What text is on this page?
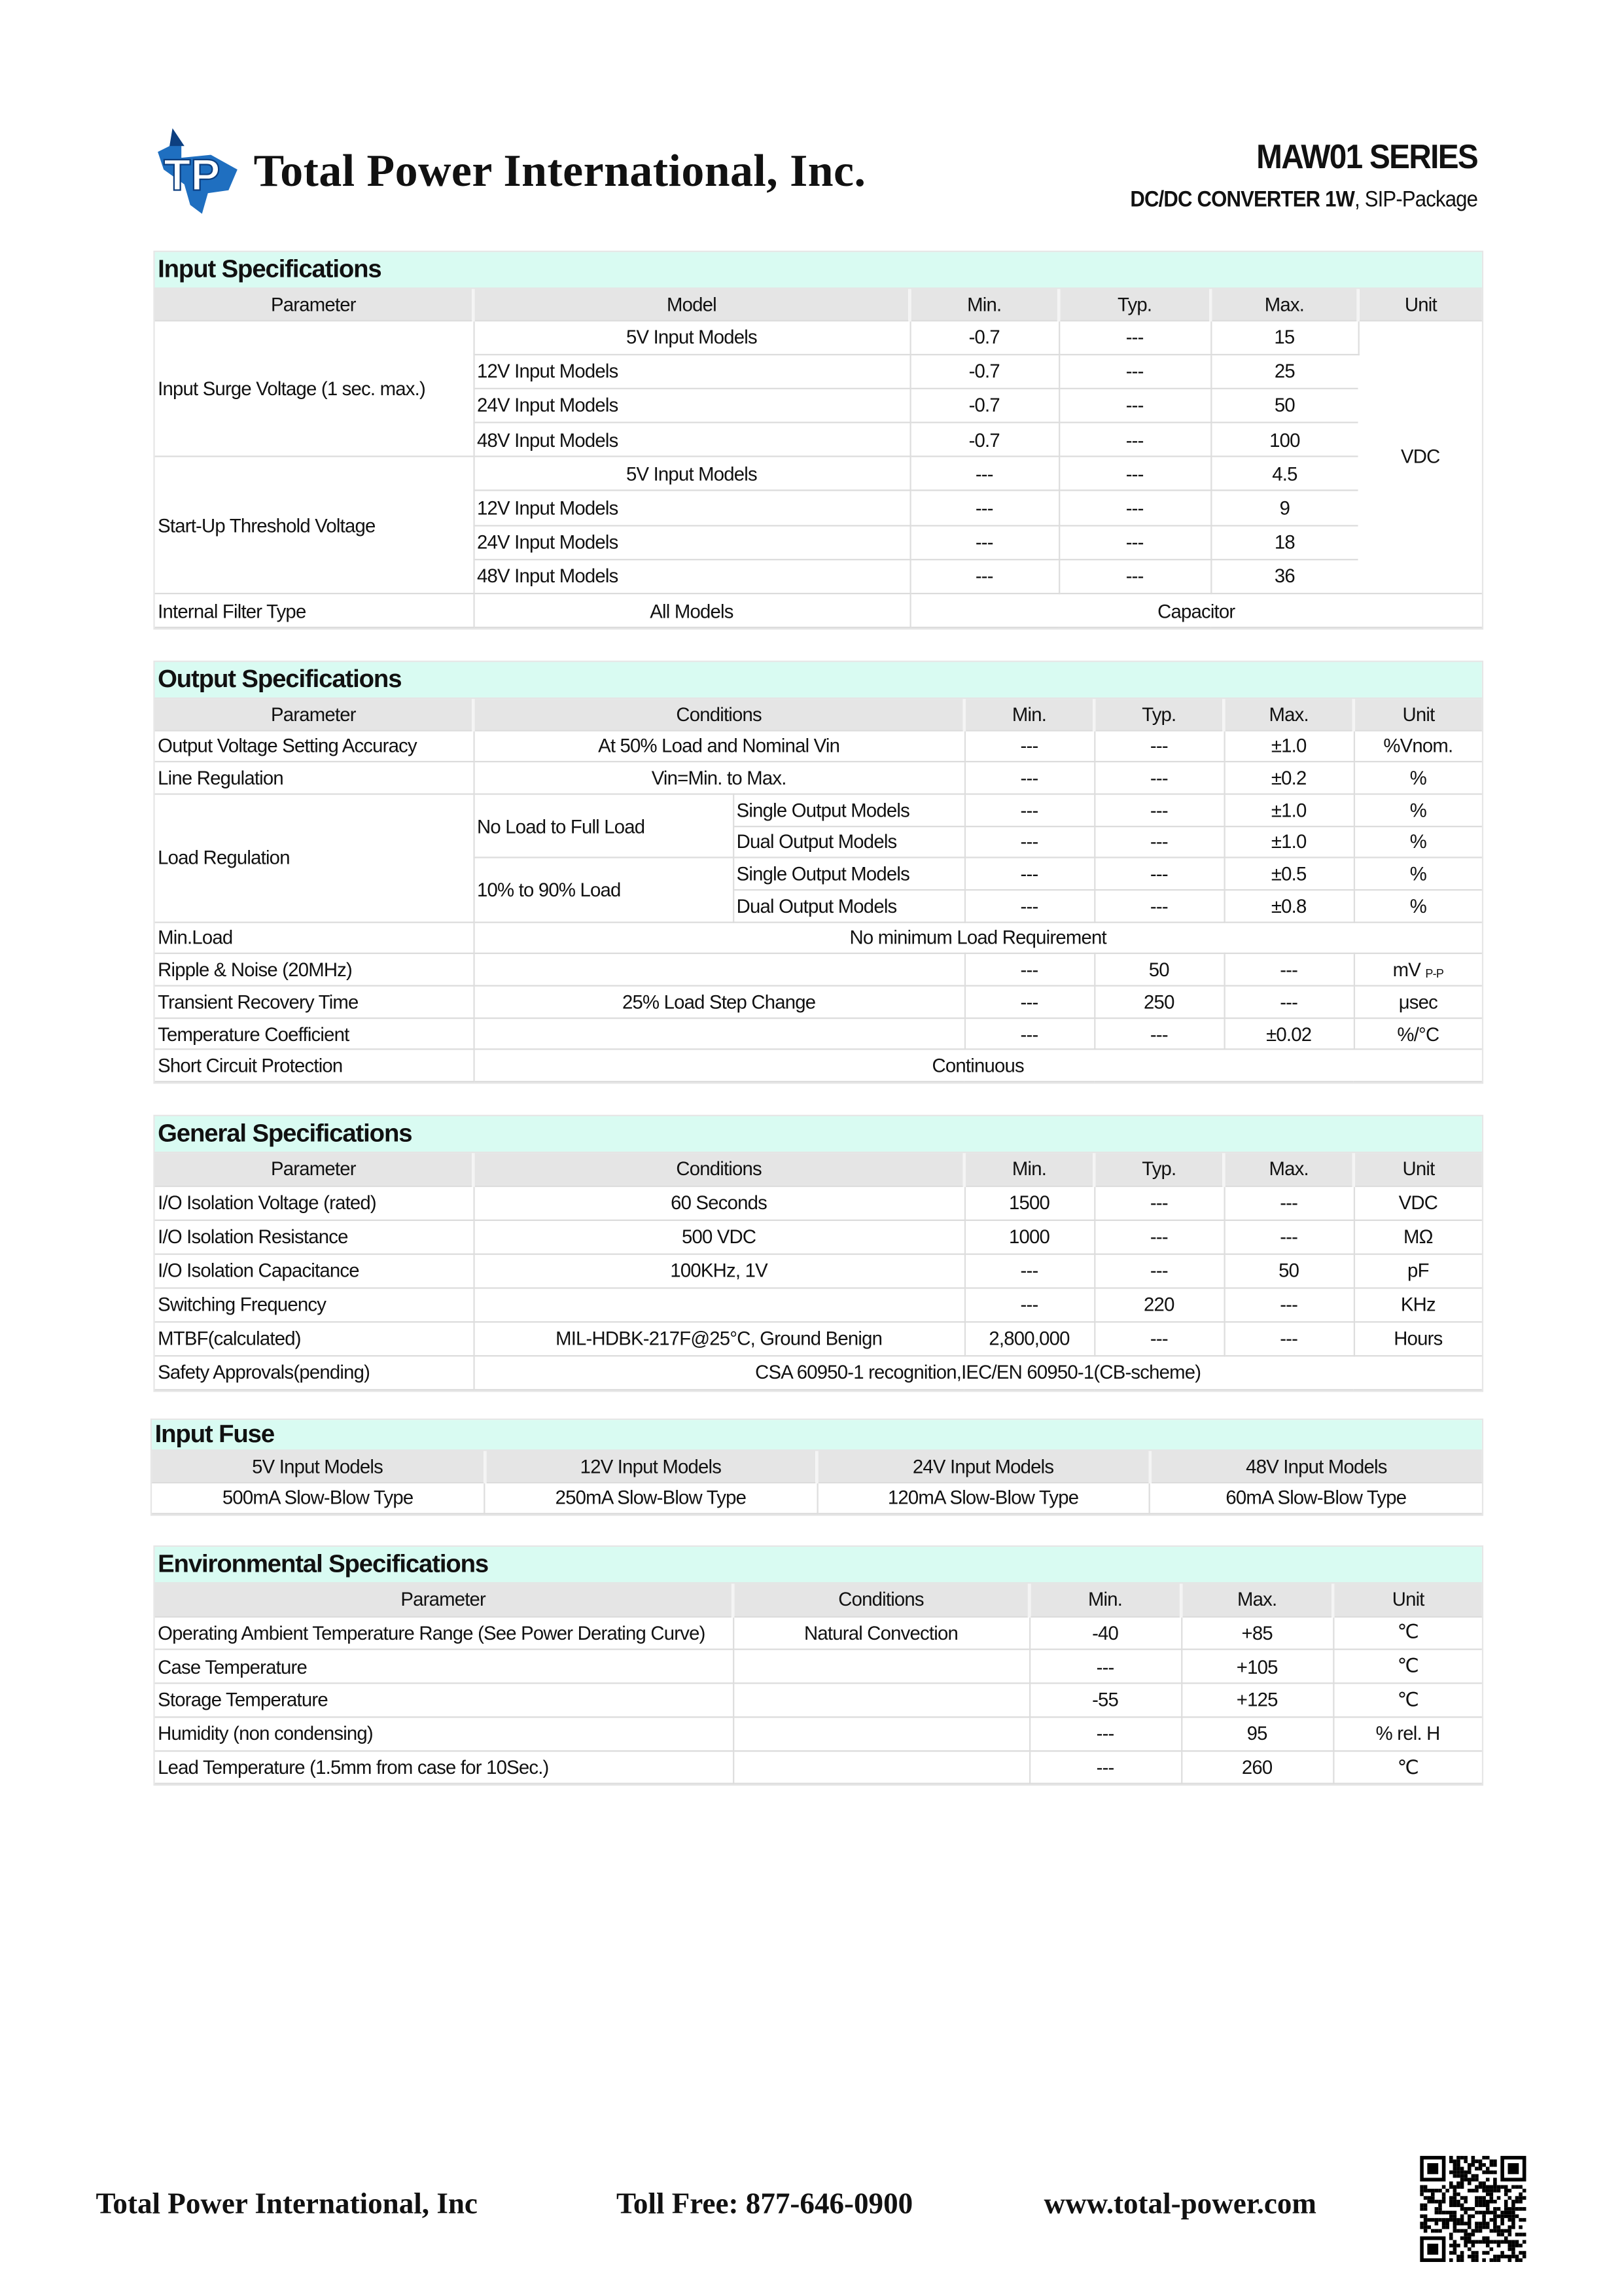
TP Total Power International, Inc.	MAW01 SERIES
DC/DC CONVERTER 1W, SIP-Package
Input Specifications
Parameter	Model	Min.	Typ.	Max.	Unit
Input Surge Voltage (1 sec. max.)	5V Input Models	-0.7	---	15	VDC
	12V Input Models	-0.7	---	25	
	24V Input Models	-0.7	---	50	
	48V Input Models	-0.7	---	100	
Start-Up Threshold Voltage	5V Input Models	---	---	4.5	
	12V Input Models	---	---	9	
	24V Input Models	---	---	18	
	48V Input Models	---	---	36	
Internal Filter Type	All Models	Capacitor			
Output Specifications
Parameter	Conditions		Min.	Typ.	Max.	Unit
Output Voltage Setting Accuracy	At 50% Load and Nominal Vin		---	---	±1.0	%Vnom.
Line Regulation	Vin=Min. to Max.		---	---	±0.2	%
Load Regulation	No Load to Full Load	Single Output Models	---	---	±1.0	%
		Dual Output Models	---	---	±1.0	%
	10% to 90% Load	Single Output Models	---	---	±0.5	%
		Dual Output Models	---	---	±0.8	%
Min.Load	No minimum Load Requirement					
Ripple & Noise (20MHz)			---	50	---	mV $_{P-P}$
Transient Recovery Time	25% Load Step Change		---	250	---	μsec
Temperature Coefficient			---	---	±0.02	%/°C
Short Circuit Protection	Continuous					
General Specifications
Parameter	Conditions	Min.	Typ.	Max.	Unit
I/O Isolation Voltage (rated)	60 Seconds	1500	---	---	VDC
I/O Isolation Resistance	500 VDC	1000	---	---	MΩ
I/O Isolation Capacitance	100KHz, 1V	---	---	50	pF
Switching Frequency		---	220	---	KHz
MTBF(calculated)	MIL-HDBK-217F@25°C, Ground Benign	2,800,000	---	---	Hours
Safety Approvals(pending)	CSA 60950-1 recognition,IEC/EN 60950-1(CB-scheme)				
Input Fuse
5V Input Models	12V Input Models	24V Input Models	48V Input Models
500mA Slow-Blow Type	250mA Slow-Blow Type	120mA Slow-Blow Type	60mA Slow-Blow Type
Environmental Specifications
Parameter	Conditions	Min.	Max.	Unit
Operating Ambient Temperature Range (See Power Derating Curve)	Natural Convection	-40	+85	℃
Case Temperature		---	+105	℃
Storage Temperature		-55	+125	℃
Humidity (non condensing)		---	95	% rel. H
Lead Temperature (1.5mm from case for 10Sec.)		---	260	℃
Total Power International, Inc	Toll Free: 877-646-0900	www.total-power.com
